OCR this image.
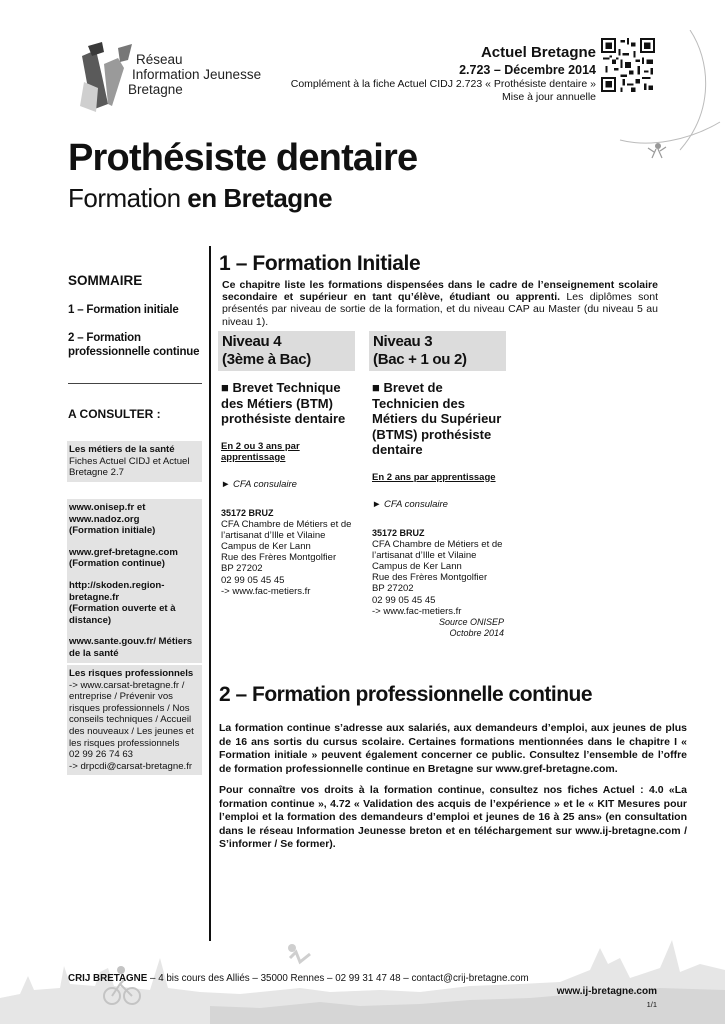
Réseau
Information Jeunesse
Bretagne
Actuel Bretagne
2.723 – Décembre 2014
Complément à la fiche Actuel CIDJ 2.723 « Prothésiste dentaire »
Mise à jour annuelle
Prothésiste dentaire
Formation en Bretagne
SOMMAIRE
1 – Formation initiale
2 – Formation professionnelle continue
A CONSULTER :
Les métiers de la santé
Fiches Actuel CIDJ et Actuel Bretagne 2.7
www.onisep.fr et
www.nadoz.org
(Formation initiale)
www.gref-bretagne.com
(Formation continue)
http://skoden.region-bretagne.fr
(Formation ouverte et à distance)
www.sante.gouv.fr/ Métiers de la santé
Les risques professionnels
-> www.carsat-bretagne.fr / entreprise / Prévenir vos risques professionnels / Nos conseils techniques / Accueil des nouveaux / Les jeunes et les risques professionnels
02 99 26 74 63
-> drpcdi@carsat-bretagne.fr
1 – Formation Initiale
Ce chapitre liste les formations dispensées dans le cadre de l’enseignement scolaire secondaire et supérieur en tant qu’élève, étudiant ou apprenti. Les diplômes sont présentés par niveau de sortie de la formation, et du niveau CAP au Master (du niveau 5 au niveau 1).
Niveau 4
(3ème à Bac)
Niveau 3
(Bac + 1 ou 2)
■ Brevet Technique des Métiers (BTM) prothésiste dentaire
En 2 ou 3 ans par apprentissage
► CFA consulaire
35172 BRUZ
CFA Chambre de Métiers et de l’artisanat d’Ille et Vilaine
Campus de Ker Lann
Rue des Frères Montgolfier
BP 27202
02 99 05 45 45
-> www.fac-metiers.fr
■ Brevet de Technicien des Métiers du Supérieur (BTMS) prothésiste dentaire
En 2 ans par apprentissage
► CFA consulaire
35172 BRUZ
CFA Chambre de Métiers et de l’artisanat d’Ille et Vilaine
Campus de Ker Lann
Rue des Frères Montgolfier
BP 27202
02 99 05 45 45
-> www.fac-metiers.fr
Source ONISEP
Octobre 2014
2 – Formation professionnelle continue
La formation continue s’adresse aux salariés, aux demandeurs d’emploi, aux jeunes de plus de 16 ans sortis du cursus scolaire. Certaines formations mentionnées dans le chapitre I « Formation initiale » peuvent également concerner ce public. Consultez l’ensemble de l’offre de formation professionnelle continue en Bretagne sur www.gref-bretagne.com.
Pour connaître vos droits à la formation continue, consultez nos fiches Actuel : 4.0 «La formation continue », 4.72 « Validation des acquis de l’expérience » et le « KIT Mesures pour l’emploi et la formation des demandeurs d’emploi et jeunes de 16 à 25 ans» (en consultation dans le réseau Information Jeunesse breton et en téléchargement sur www.ij-bretagne.com / S’informer / Se former).
CRIJ BRETAGNE – 4 bis cours des Alliés – 35000 Rennes – 02 99 31 47 48 – contact@crij-bretagne.com
www.ij-bretagne.com
1/1
